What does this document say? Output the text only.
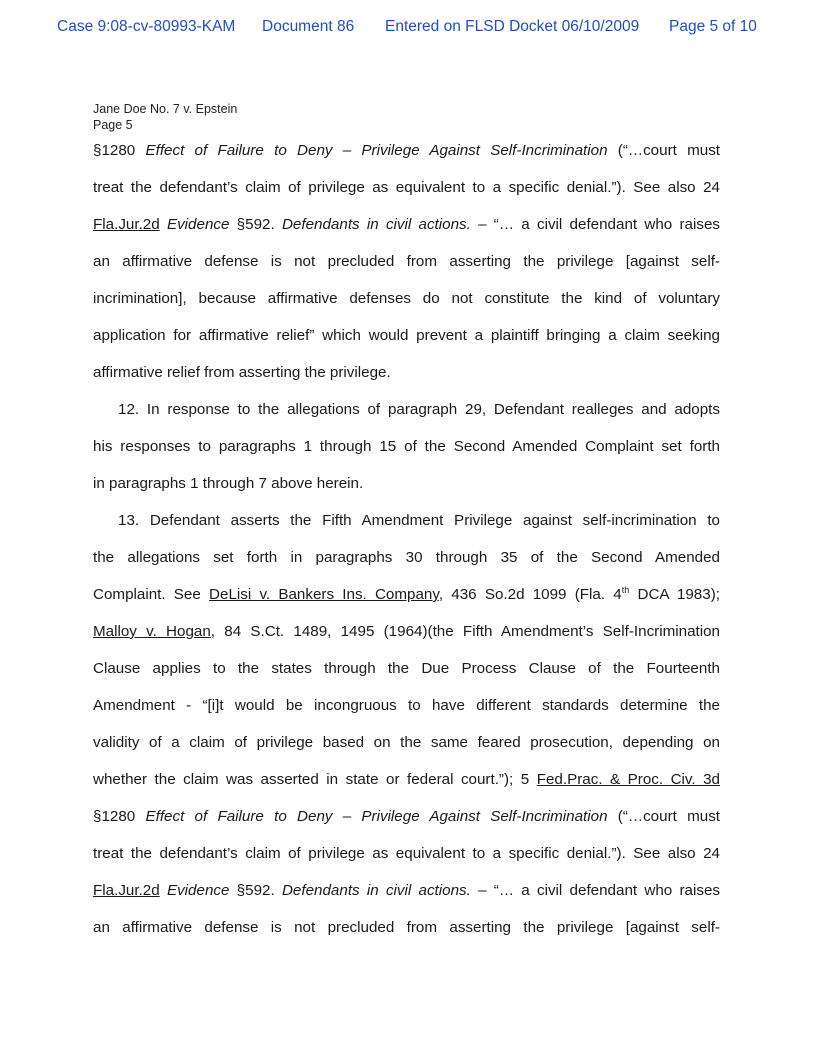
Case 9:08-cv-80993-KAM Document 86 Entered on FLSD Docket 06/10/2009 Page 5 of 10
Jane Doe No. 7 v. Epstein
Page 5
§1280 Effect of Failure to Deny – Privilege Against Self-Incrimination (“…court must
treat the defendant’s claim of privilege as equivalent to a specific denial.”). See also 24
Fla.Jur.2d Evidence §592. Defendants in civil actions. – “… a civil defendant who raises
an affirmative defense is not precluded from asserting the privilege [against self-
incrimination], because affirmative defenses do not constitute the kind of voluntary
application for affirmative relief” which would prevent a plaintiff bringing a claim seeking
affirmative relief from asserting the privilege.
12. In response to the allegations of paragraph 29, Defendant realleges and adopts
his responses to paragraphs 1 through 15 of the Second Amended Complaint set forth
in paragraphs 1 through 7 above herein.
13. Defendant asserts the Fifth Amendment Privilege against self-incrimination to
the allegations set forth in paragraphs 30 through 35 of the Second Amended
Complaint. See DeLisi v. Bankers Ins. Company, 436 So.2d 1099 (Fla. 4th DCA 1983);
Malloy v. Hogan, 84 S.Ct. 1489, 1495 (1964)(the Fifth Amendment’s Self-Incrimination
Clause applies to the states through the Due Process Clause of the Fourteenth
Amendment - “[i]t would be incongruous to have different standards determine the
validity of a claim of privilege based on the same feared prosecution, depending on
whether the claim was asserted in state or federal court.”); 5 Fed.Prac. & Proc. Civ. 3d
§1280 Effect of Failure to Deny – Privilege Against Self-Incrimination (“…court must
treat the defendant’s claim of privilege as equivalent to a specific denial.”). See also 24
Fla.Jur.2d Evidence §592. Defendants in civil actions. – “… a civil defendant who raises
an affirmative defense is not precluded from asserting the privilege [against self-
